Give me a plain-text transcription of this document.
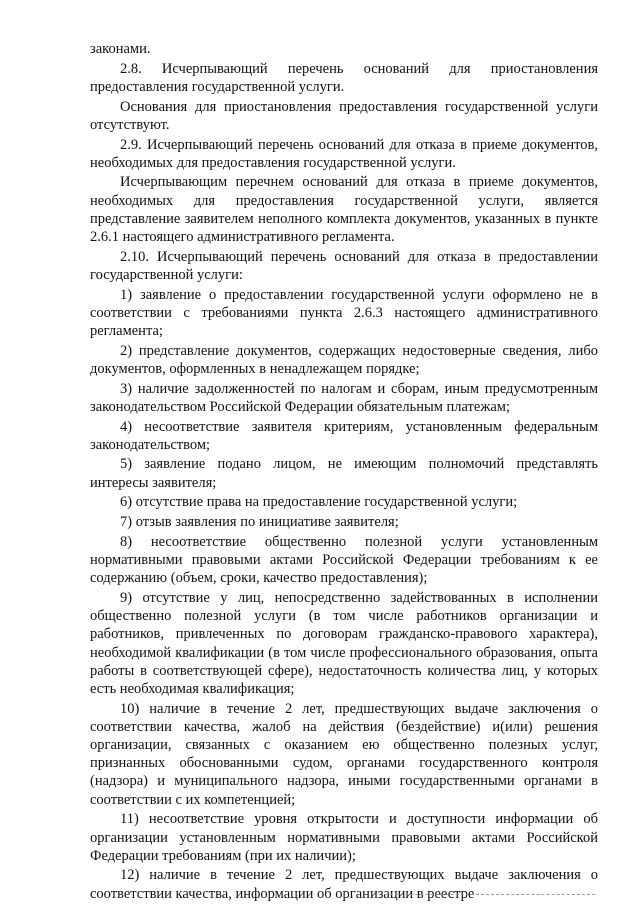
законами.

2.8. Исчерпывающий перечень оснований для приостановления предоставления государственной услуги.

Основания для приостановления предоставления государственной услуги отсутствуют.

2.9. Исчерпывающий перечень оснований для отказа в приеме документов, необходимых для предоставления государственной услуги.

Исчерпывающим перечнем оснований для отказа в приеме документов, необходимых для предоставления государственной услуги, является представление заявителем неполного комплекта документов, указанных в пункте 2.6.1 настоящего административного регламента.

2.10. Исчерпывающий перечень оснований для отказа в предоставлении государственной услуги:

1) заявление о предоставлении государственной услуги оформлено не в соответствии с требованиями пункта 2.6.3 настоящего административного регламента;

2) представление документов, содержащих недостоверные сведения, либо документов, оформленных в ненадлежащем порядке;

3) наличие задолженностей по налогам и сборам, иным предусмотренным законодательством Российской Федерации обязательным платежам;

4) несоответствие заявителя критериям, установленным федеральным законодательством;

5) заявление подано лицом, не имеющим полномочий представлять интересы заявителя;

6) отсутствие права на предоставление государственной услуги;

7) отзыв заявления по инициативе заявителя;

8) несоответствие общественно полезной услуги установленным нормативными правовыми актами Российской Федерации требованиям к ее содержанию (объем, сроки, качество предоставления);

9) отсутствие у лиц, непосредственно задействованных в исполнении общественно полезной услуги (в том числе работников организации и работников, привлеченных по договорам гражданско-правового характера), необходимой квалификации (в том числе профессионального образования, опыта работы в соответствующей сфере), недостаточность количества лиц, у которых есть необходимая квалификация;

10) наличие в течение 2 лет, предшествующих выдаче заключения о соответствии качества, жалоб на действия (бездействие) и(или) решения организации, связанных с оказанием ею общественно полезных услуг, признанных обоснованными судом, органами государственного контроля (надзора) и муниципального надзора, иными государственными органами в соответствии с их компетенцией;

11) несоответствие уровня открытости и доступности информации об организации установленным нормативными правовыми актами Российской Федерации требованиям (при их наличии);

12) наличие в течение 2 лет, предшествующих выдаче заключения о соответствии качества, информации об организации в реестре
